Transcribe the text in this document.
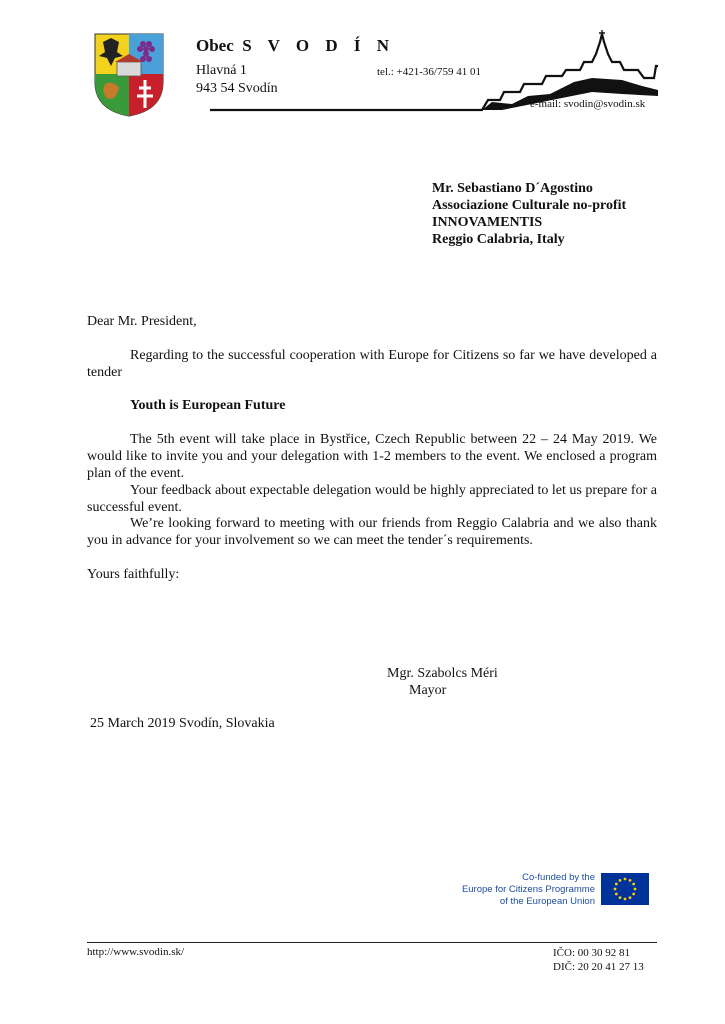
Obec S V O D Í N
Hlavná 1
943 54 Svodín
tel.: +421-36/759 41 01
e-mail: svodin@svodin.sk
Mr. Sebastiano D´Agostino
Associazione Culturale no-profit
INNOVAMENTIS
Reggio Calabria, Italy
Dear Mr. President,
Regarding to the successful cooperation with Europe for Citizens so far we have developed a tender
Youth is European Future
The 5th event will take place in Bystřice, Czech Republic between 22 – 24 May 2019. We would like to invite you and your delegation with 1-2 members to the event. We enclosed a program plan of the event.
Your feedback about expectable delegation would be highly appreciated to let us prepare for a successful event.
We’re looking forward to meeting with our friends from Reggio Calabria and we also thank you in advance for your involvement so we can meet the tender´s requirements.
Yours faithfully:
Mgr. Szabolcs Méri
Mayor
25 March 2019 Svodín, Slovakia
Co-funded by the
Europe for Citizens Programme
of the European Union
http://www.svodin.sk/	IČO: 00 30 92 81
DIČ: 20 20 41 27 13
